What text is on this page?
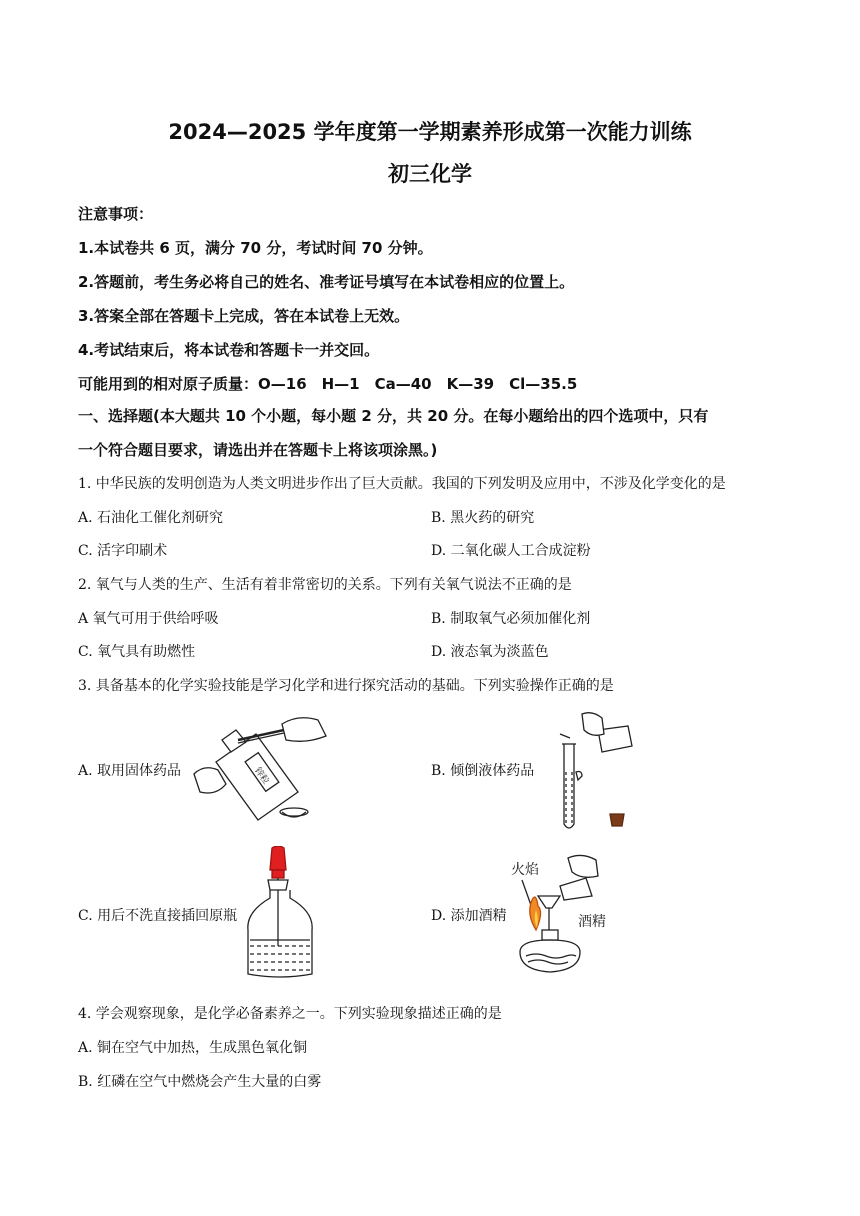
2024—2025 学年度第一学期素养形成第一次能力训练
初三化学
注意事项：
1.本试卷共 6 页，满分 70 分，考试时间 70 分钟。
2.答题前，考生务必将自己的姓名、准考证号填写在本试卷相应的位置上。
3.答案全部在答题卡上完成，答在本试卷上无效。
4.考试结束后，将本试卷和答题卡一并交回。
可能用到的相对原子质量：O—16　H—1　Ca—40　K—39　Cl—35.5
一、选择题(本大题共 10 个小题，每小题 2 分，共 20 分。在每小题给出的四个选项中，只有
一个符合题目要求，请选出并在答题卡上将该项涂黑。)
1. 中华民族的发明创造为人类文明进步作出了巨大贡献。我国的下列发明及应用中，不涉及化学变化的是
A. 石油化工催化剂研究	B. 黑火药的研究
C. 活字印刷术	D. 二氧化碳人工合成淀粉
2. 氧气与人类的生产、生活有着非常密切的关系。下列有关氧气说法不正确的是
A 氧气可用于供给呼吸	B. 制取氧气必须加催化剂
C. 氧气具有助燃性	D. 液态氧为淡蓝色
3. 具备基本的化学实验技能是学习化学和进行探究活动的基础。下列实验操作正确的是
A. 取用固体药品	B. 倾倒液体药品
C. 用后不洗直接插回原瓶	D. 添加酒精
锌粒
火焰
酒精
4. 学会观察现象，是化学必备素养之一。下列实验现象描述正确的是
A. 铜在空气中加热，生成黑色氧化铜
B. 红磷在空气中燃烧会产生大量的白雾
